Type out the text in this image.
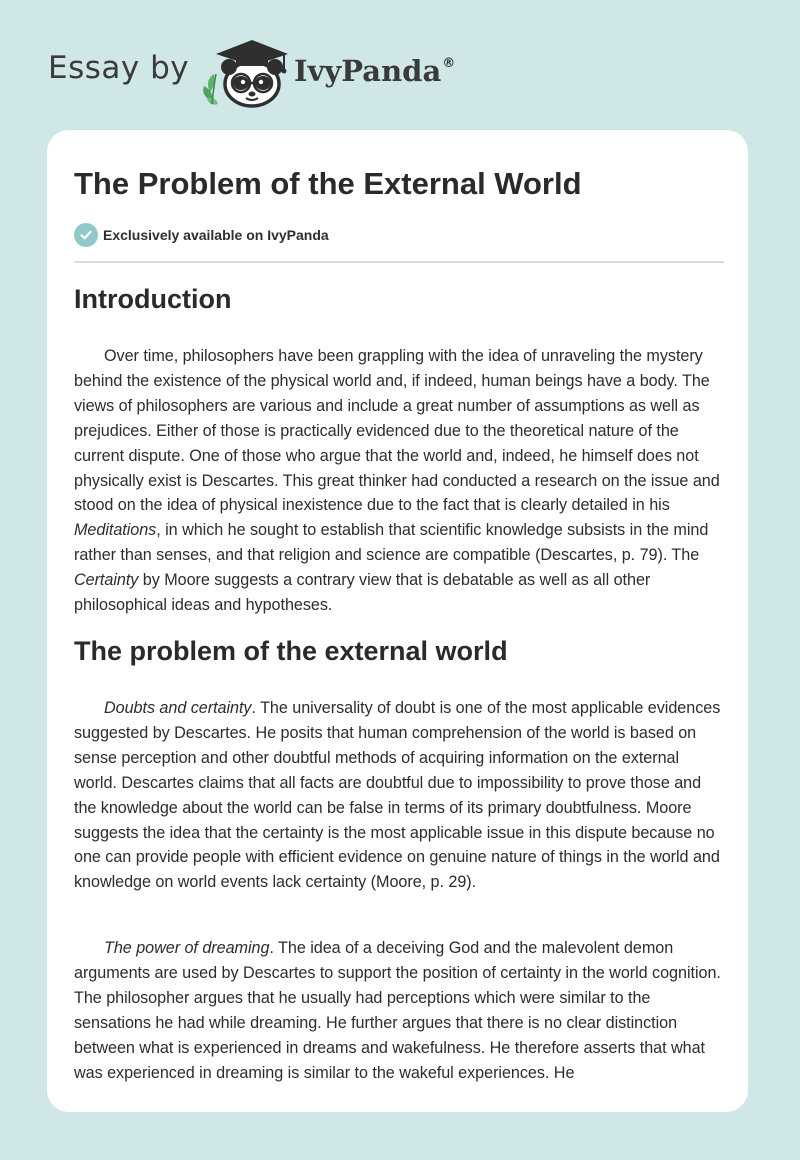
Essay by	IvyPanda®
The Problem of the External World
Exclusively available on IvyPanda
Introduction

Over time, philosophers have been grappling with the idea of unraveling the mystery behind the existence of the physical world and, if indeed, human beings have a body. The views of philosophers are various and include a great number of assumptions as well as prejudices. Either of those is practically evidenced due to the theoretical nature of the current dispute. One of those who argue that the world and, indeed, he himself does not physically exist is Descartes. This great thinker had conducted a research on the issue and stood on the idea of physical inexistence due to the fact that is clearly detailed in his Meditations, in which he sought to establish that scientific knowledge subsists in the mind rather than senses, and that religion and science are compatible (Descartes, p. 79). The Certainty by Moore suggests a contrary view that is debatable as well as all other philosophical ideas and hypotheses.

The problem of the external world

Doubts and certainty. The universality of doubt is one of the most applicable evidences suggested by Descartes. He posits that human comprehension of the world is based on sense perception and other doubtful methods of acquiring information on the external world. Descartes claims that all facts are doubtful due to impossibility to prove those and the knowledge about the world can be false in terms of its primary doubtfulness. Moore suggests the idea that the certainty is the most applicable issue in this dispute because no one can provide people with efficient evidence on genuine nature of things in the world and knowledge on world events lack certainty (Moore, p. 29).

The power of dreaming. The idea of a deceiving God and the malevolent demon arguments are used by Descartes to support the position of certainty in the world cognition. The philosopher argues that he usually had perceptions which were similar to the sensations he had while dreaming. He further argues that there is no clear distinction between what is experienced in dreams and wakefulness. He therefore asserts that what was experienced in dreaming is similar to the wakeful experiences. He
